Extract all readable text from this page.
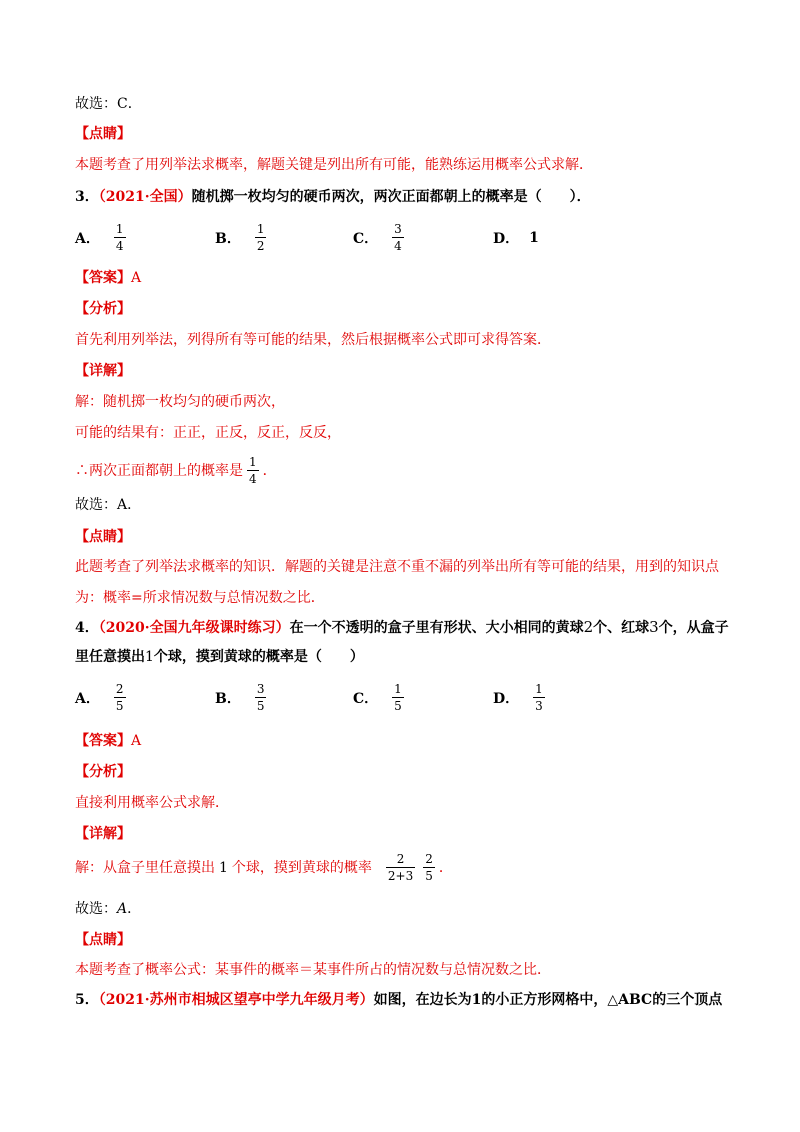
故选：C．
【点睛】
本题考查了用列举法求概率，解题关键是列出所有可能，能熟练运用概率公式求解．
3．（2021·全国）随机掷一枚均匀的硬币两次，两次正面都朝上的概率是（　　）．
A． $\frac{1}{4}$	B． $\frac{1}{2}$	C． $\frac{3}{4}$	D． 1
【答案】A
【分析】
首先利用列举法，列得所有等可能的结果，然后根据概率公式即可求得答案．
【详解】
解：随机掷一枚均匀的硬币两次，
可能的结果有：正正，正反，反正，反反，
∴两次正面都朝上的概率是 $\frac{1}{4}$ ．
故选：A．
【点睛】
此题考查了列举法求概率的知识．解题的关键是注意不重不漏的列举出所有等可能的结果，用到的知识点
为：概率=所求情况数与总情况数之比．
4．（2020·全国九年级课时练习）在一个不透明的盒子里有形状、大小相同的黄球2个、红球3个，从盒子
里任意摸出1个球，摸到黄球的概率是（　　）
A． $\frac{2}{5}$	B． $\frac{3}{5}$	C． $\frac{1}{5}$	D． $\frac{1}{3}$
【答案】A
【分析】
直接利用概率公式求解．
【详解】
解：从盒子里任意摸出 1 个球，摸到黄球的概率 $\frac{2}{2+3} \frac{2}{5}$ ．
故选：A．
【点睛】
本题考查了概率公式：某事件的概率＝某事件所占的情况数与总情况数之比．
5．（2021·苏州市相城区望亭中学九年级月考）如图，在边长为1的小正方形网格中，△ABC的三个顶点
